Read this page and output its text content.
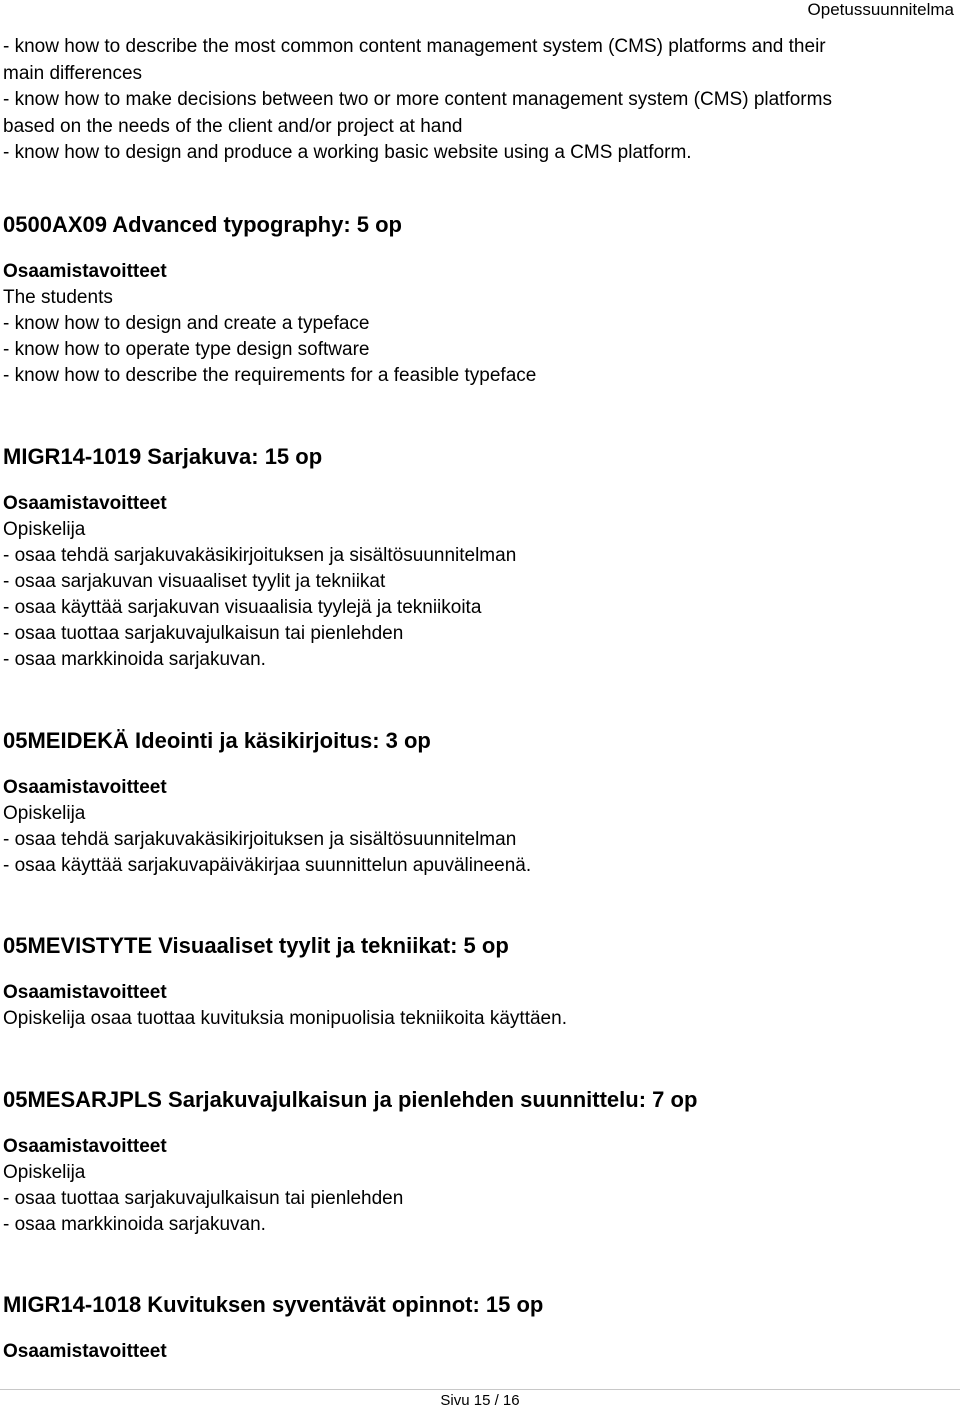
Opetussuunnitelma
- know how to describe the most common content management system (CMS) platforms and their
main differences
- know how to make decisions between two or more content management system (CMS) platforms
based on the needs of the client and/or project at hand
- know how to design and produce a working basic website using a CMS platform.
0500AX09 Advanced typography: 5 op
Osaamistavoitteet
The students
- know how to design and create a typeface
- know how to operate type design software
- know how to describe the requirements for a feasible typeface
MIGR14-1019 Sarjakuva: 15 op
Osaamistavoitteet
Opiskelija
- osaa tehdä sarjakuvakäsikirjoituksen ja sisältösuunnitelman
- osaa sarjakuvan visuaaliset tyylit ja tekniikat
- osaa käyttää sarjakuvan visuaalisia tyylejä ja tekniikoita
- osaa tuottaa sarjakuvajulkaisun tai pienlehden
- osaa markkinoida sarjakuvan.
05MEIDEKÄ Ideointi ja käsikirjoitus: 3 op
Osaamistavoitteet
Opiskelija
- osaa tehdä sarjakuvakäsikirjoituksen ja sisältösuunnitelman
- osaa käyttää sarjakuvapäiväkirjaa suunnittelun apuvälineenä.
05MEVISTYTE Visuaaliset tyylit ja tekniikat: 5 op
Osaamistavoitteet
Opiskelija osaa tuottaa kuvituksia monipuolisia tekniikoita käyttäen.
05MESARJPLS Sarjakuvajulkaisun ja pienlehden suunnittelu: 7 op
Osaamistavoitteet
Opiskelija
- osaa tuottaa sarjakuvajulkaisun tai pienlehden
- osaa markkinoida sarjakuvan.
MIGR14-1018 Kuvituksen syventävät opinnot: 15 op
Osaamistavoitteet
Sivu 15 / 16
